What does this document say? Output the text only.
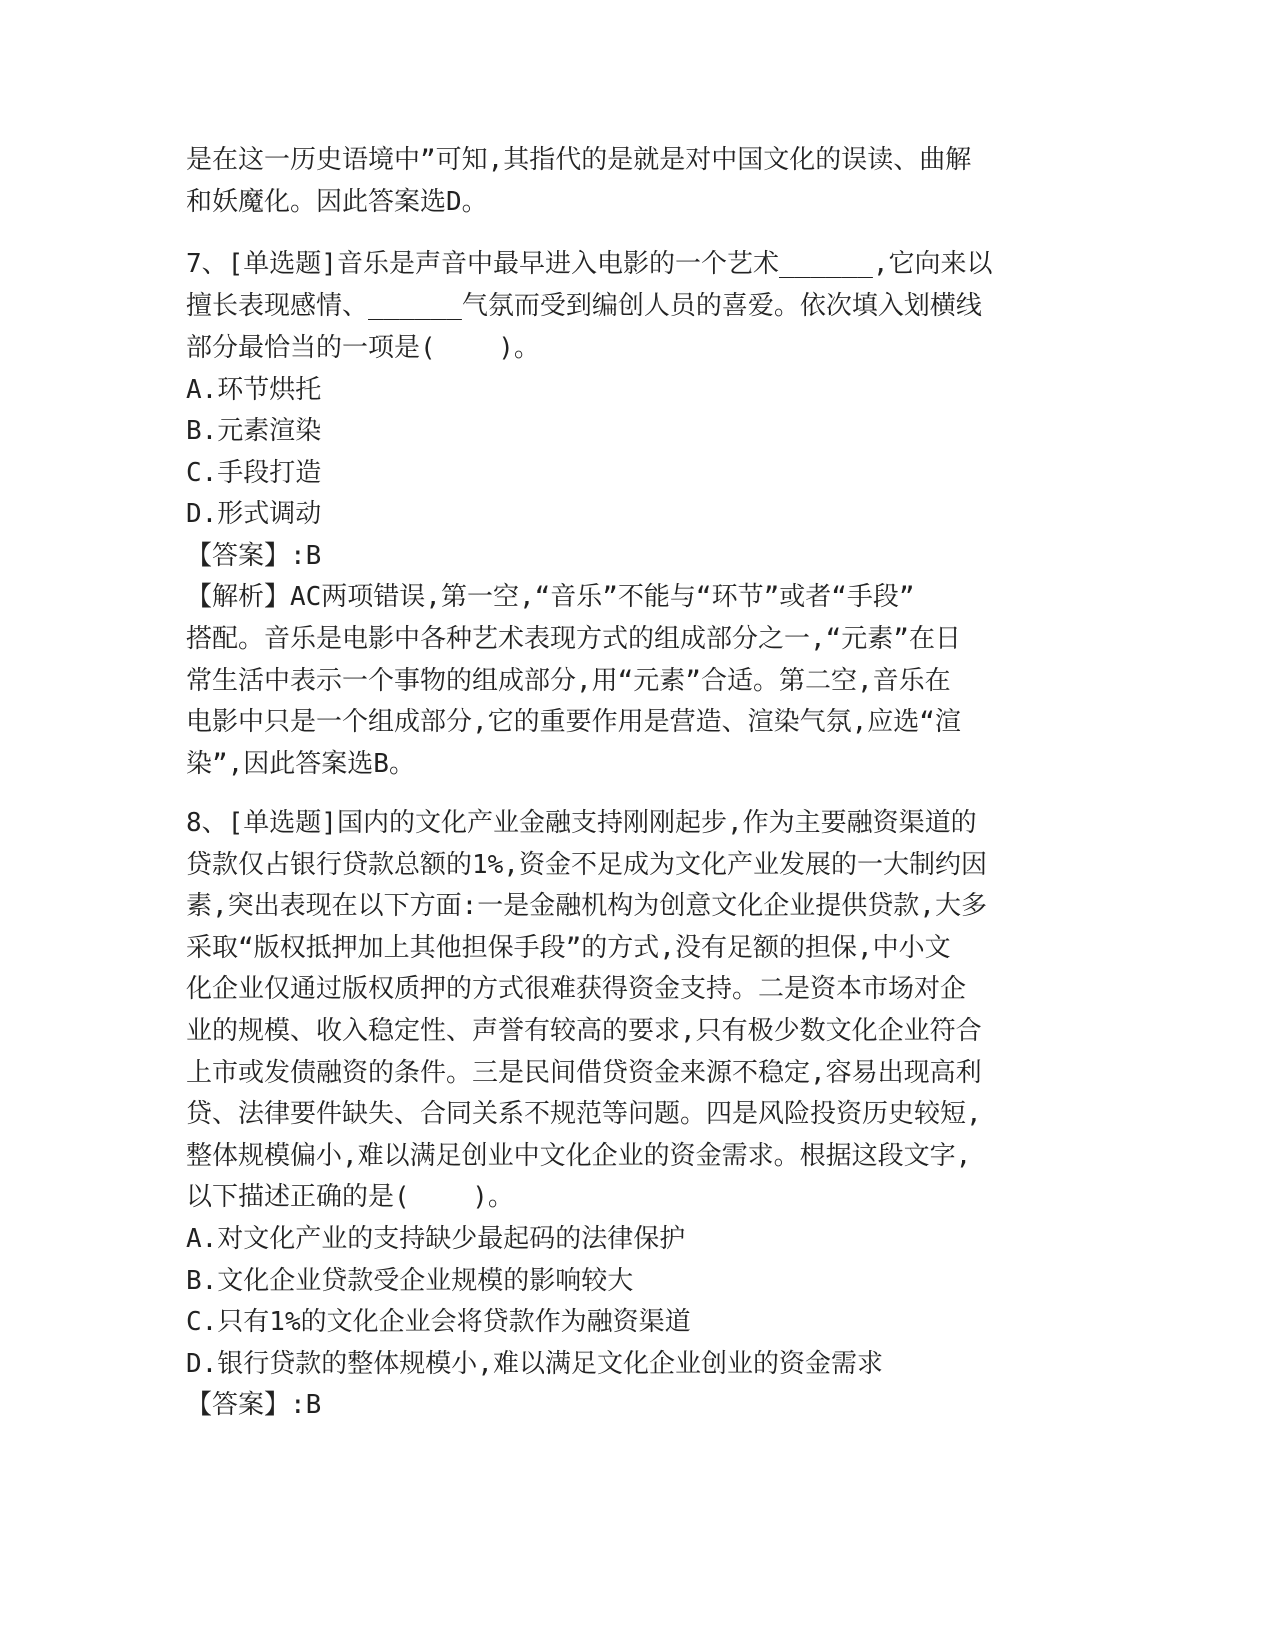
是在这一历史语境中”可知,其指代的是就是对中国文化的误读、曲解
和妖魔化。因此答案选D。
7、[单选题]音乐是声音中最早进入电影的一个艺术______,它向来以
擅长表现感情、______气氛而受到编创人员的喜爱。依次填入划横线
部分最恰当的一项是(    )。
A.环节烘托
B.元素渲染
C.手段打造
D.形式调动
【答案】:B
【解析】AC两项错误,第一空,“音乐”不能与“环节”或者“手段”
搭配。音乐是电影中各种艺术表现方式的组成部分之一,“元素”在日
常生活中表示一个事物的组成部分,用“元素”合适。第二空,音乐在
电影中只是一个组成部分,它的重要作用是营造、渲染气氛,应选“渲
染”,因此答案选B。
8、[单选题]国内的文化产业金融支持刚刚起步,作为主要融资渠道的
贷款仅占银行贷款总额的1%,资金不足成为文化产业发展的一大制约因
素,突出表现在以下方面:一是金融机构为创意文化企业提供贷款,大多
采取“版权抵押加上其他担保手段”的方式,没有足额的担保,中小文
化企业仅通过版权质押的方式很难获得资金支持。二是资本市场对企
业的规模、收入稳定性、声誉有较高的要求,只有极少数文化企业符合
上市或发债融资的条件。三是民间借贷资金来源不稳定,容易出现高利
贷、法律要件缺失、合同关系不规范等问题。四是风险投资历史较短,
整体规模偏小,难以满足创业中文化企业的资金需求。根据这段文字,
以下描述正确的是(    )。
A.对文化产业的支持缺少最起码的法律保护
B.文化企业贷款受企业规模的影响较大
C.只有1%的文化企业会将贷款作为融资渠道
D.银行贷款的整体规模小,难以满足文化企业创业的资金需求
【答案】:B
